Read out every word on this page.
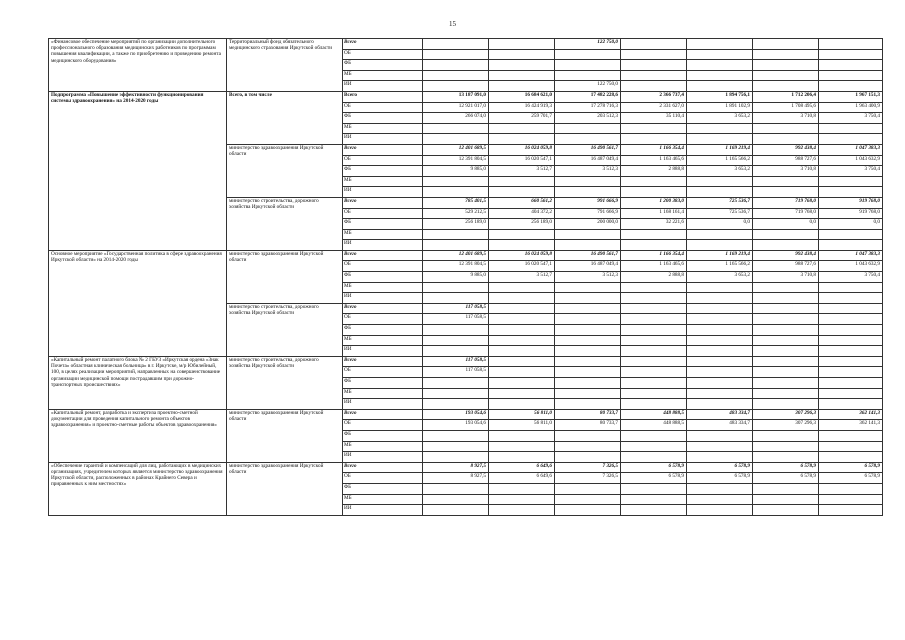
15
«Финансовое обеспечение мероприятий по организации дополнительного профессионального образования медицинских работников по программам повышения квалификации, а также по приобретению и проведению ремонта медицинского оборудования»	Территориальный фонд обязательного медицинского страхования Иркутской области	Всего			122 750,0				
		ОБ							
		ФБ							
		МБ							
		ИИ			122 750,0				
Подпрограмма «Повышение эффективности функционирования системы здравоохранения» на 2014-2020 годы	Всего, в том числе	Всего	13 187 091,0	16 684 621,0	17 482 228,6	2 366 737,4	1 894 756,1	1 712 206,4	1 967 151,3
		ОБ	12 921 017,0	16 424 919,3	17 278 716,3	2 331 627,0	1 891 102,9	1 708 495,6	1 963 400,9
		ФБ	266 074,0	259 701,7	203 512,3	35 110,4	3 653,2	3 710,8	3 750,4
		МБ							
		ИИ							
	министерство здравоохранения Иркутской области	Всего	12 401 689,5	16 024 059,8	16 490 561,7	1 166 354,4	1 169 219,4	992 438,4	1 047 383,3
		ОБ	12 391 804,5	16 020 547,1	16 487 049,4	1 163 465,6	1 165 566,2	988 727,6	1 043 632,9
		ФБ	9 885,0	3 512,7	3 512,3	2 888,8	3 653,2	3 710,8	3 750,4
		МБ							
		ИИ							
	министерство строительства, дорожного хозяйства Иркутской области	Всего	785 401,5	660 561,2	991 666,9	1 200 383,0	725 536,7	719 768,0	919 768,0
		ОБ	529 212,5	404 372,2	791 666,9	1 168 161,4	725 536,7	719 768,0	919 768,0
		ФБ	256 189,0	256 189,0	200 000,0	32 221,6	0,0	0,0	0,0
		МБ							
		ИИ							
Основное мероприятие «Государственная политика в сфере здравоохранения Иркутской области» на 2014-2020 годы	министерство здравоохранения Иркутской области	Всего	12 401 689,5	16 024 059,8	16 490 561,7	1 166 354,4	1 169 219,4	992 438,4	1 047 383,3
		ОБ	12 391 804,5	16 020 547,1	16 487 049,4	1 163 465,6	1 165 566,2	988 727,6	1 043 632,9
		ФБ	9 885,0	3 512,7	3 512,3	2 888,8	3 653,2	3 710,8	3 750,4
		МБ							
		ИИ							
	министерство строительства, дорожного хозяйства Иркутской области	Всего	117 058,5						
		ОБ	117 058,5						
		ФБ							
		МБ							
		ИИ							
«Капитальный ремонт палатного блока № 2 ГБУЗ «Иркутская ордена «Знак Почета» областная клиническая больница» в г. Иркутске, м/р Юбилейный, 100, в целях реализации мероприятий, направленных на совершенствование организации медицинской помощи пострадавшим при дорожно-транспортных происшествиях»	министерство строительства, дорожного хозяйства Иркутской области	Всего	117 058,5						
		ОБ	117 058,5						
		ФБ							
		МБ							
		ИИ							
«Капитальный ремонт, разработка и экспертиза проектно-сметной документации для проведения капитального ремонта объектов здравоохранения» и проектно-сметные работы объектов здравоохранения»	министерство здравоохранения Иркутской области	Всего	193 054,6	56 811,0	80 733,7	448 888,5	483 334,7	307 296,3	362 141,3
		ОБ	193 054,6	56 811,0	80 733,7	448 888,5	483 334,7	307 296,3	362 141,3
		ФБ							
		МБ							
		ИИ							
«Обеспечение гарантий и компенсаций для лиц, работающих в медицинских организациях, учредителем которых является министерство здравоохранения Иркутской области, расположенных в районах Крайнего Севера и приравненных к ним местностях»	министерство здравоохранения Иркутской области	Всего	8 927,5	6 649,6	7 326,5	6 578,9	6 578,9	6 578,9	6 578,9
		ОБ	8 927,5	6 649,6	7 326,5	6 578,9	6 578,9	6 578,9	6 578,9
		ФБ							
		МБ							
		ИИ							
